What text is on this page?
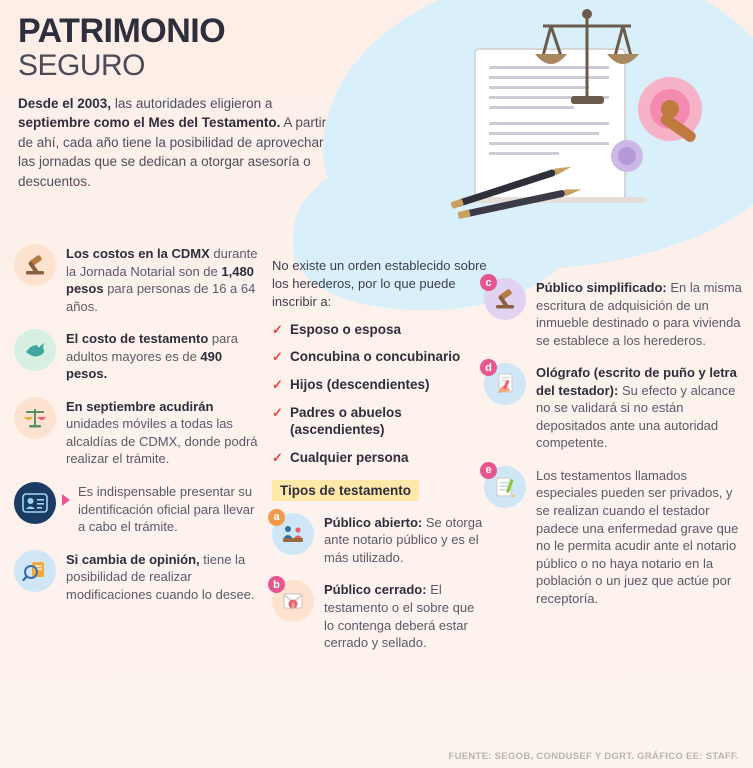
PATRIMONIO
SEGURO

Desde el 2003, las autoridades eligieron a septiembre como el Mes del Testamento. A partir de ahí, cada año tiene la posibilidad de aprovechar las jornadas que se dedican a otorgar asesoría o descuentos.

Los costos en la CDMX durante la Jornada Notarial son de 1,480 pesos para personas de 16 a 64 años.
El costo de testamento para adultos mayores es de 490 pesos.
En septiembre acudirán unidades móviles a todas las alcaldías de CDMX, donde podrá realizar el trámite.
Es indispensable presentar su identificación oficial para llevar a cabo el trámite.
Si cambia de opinión, tiene la posibilidad de realizar modificaciones cuando lo desee.

No existe un orden establecido sobre los herederos, por lo que puede inscribir a:

✓ Esposo o esposa
✓ Concubina o concubinario
✓ Hijos (descendientes)
✓ Padres o abuelos (ascendientes)
✓ Cualquier persona
Tipos de testamento
a	Público abierto: Se otorga ante notario público y es el más utilizado.
b
§
Público cerrado: El testamento o el sobre que lo contenga deberá estar cerrado y sellado.
c	Público simplificado: En la misma escritura de adquisición de un inmueble destinado o para vivienda se establece a los herederos.
d	Ológrafo (escrito de puño y letra del testador): Su efecto y alcance no se validará si no están depositados ante una autoridad competente.
e	Los testamentos llamados especiales pueden ser privados, y se realizan cuando el testador padece una enfermedad grave que no le permita acudir ante el notario público o no haya notario en la población o un juez que actúe por receptoría.
FUENTE: SEGOB, CONDUSEF Y DGRT. GRÁFICO EE: STAFF.
